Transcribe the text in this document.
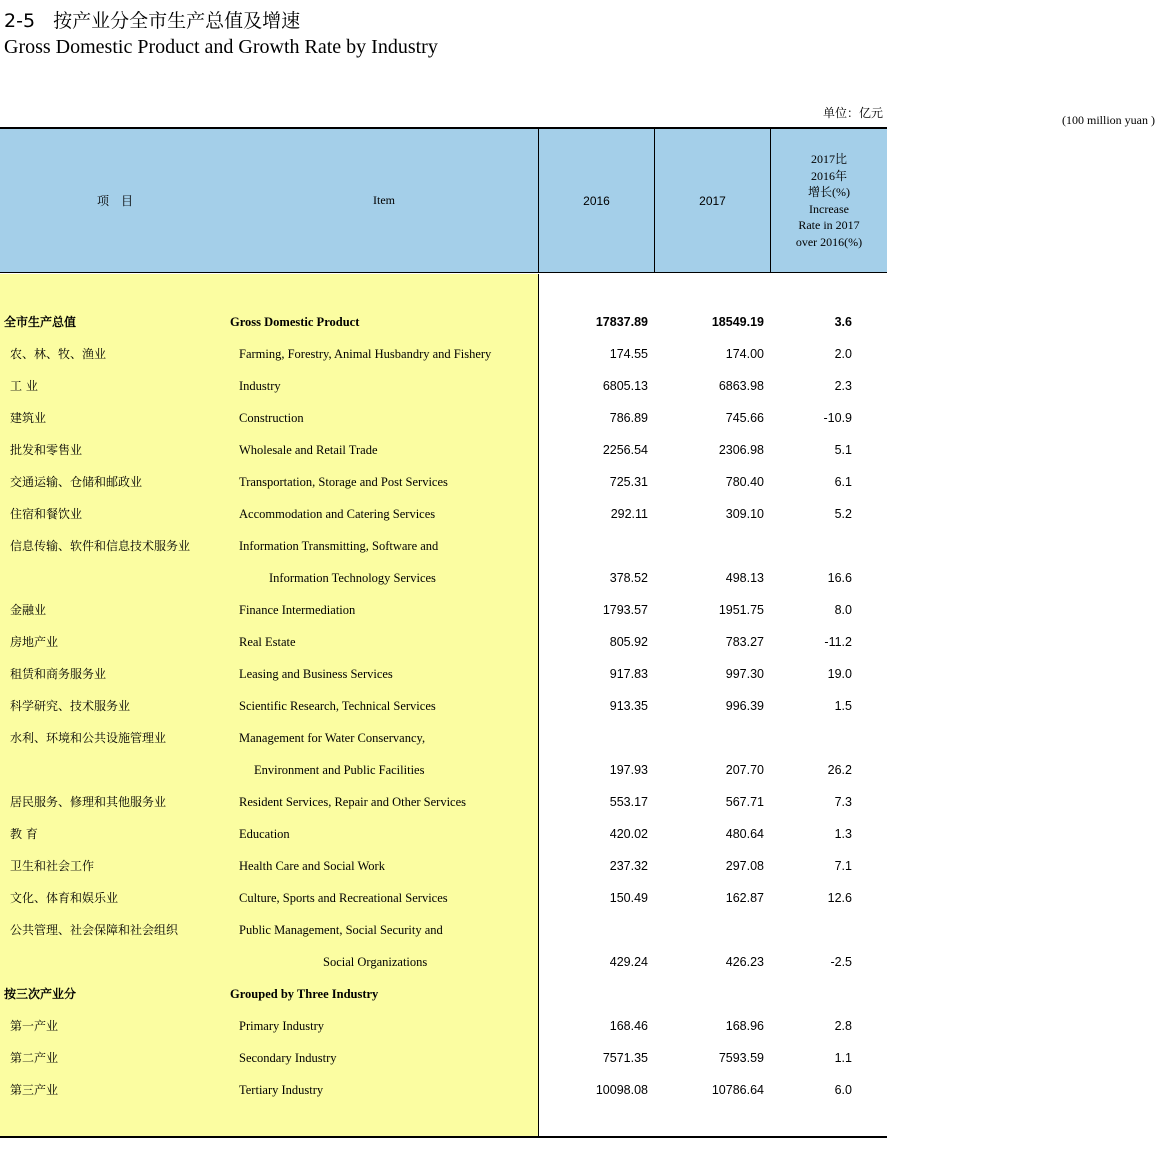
2-5 按产业分全市生产总值及增速
Gross Domestic Product and Growth Rate by Industry
单位：亿元	(100 million yuan )
项　目	Item	2016	2017
2017比
2016年
增长(%)
Increase
Rate in 2017
over 2016(%)
全市生产总值	Gross Domestic Product	17837.89	18549.19	3.6
农、林、牧、渔业	Farming, Forestry, Animal Husbandry and Fishery	174.55	174.00	2.0
工 业	Industry	6805.13	6863.98	2.3
建筑业	Construction	786.89	745.66	-10.9
批发和零售业	Wholesale and Retail Trade	2256.54	2306.98	5.1
交通运输、仓储和邮政业	Transportation, Storage and Post Services	725.31	780.40	6.1
住宿和餐饮业	Accommodation and Catering Services	292.11	309.10	5.2
信息传输、软件和信息技术服务业	Information Transmitting, Software and
Information Technology Services	378.52	498.13	16.6
金融业	Finance Intermediation	1793.57	1951.75	8.0
房地产业	Real Estate	805.92	783.27	-11.2
租赁和商务服务业	Leasing and Business Services	917.83	997.30	19.0
科学研究、技术服务业	Scientific Research, Technical Services	913.35	996.39	1.5
水利、环境和公共设施管理业	Management for Water Conservancy,
Environment and Public Facilities	197.93	207.70	26.2
居民服务、修理和其他服务业	Resident Services, Repair and Other Services	553.17	567.71	7.3
教 育	Education	420.02	480.64	1.3
卫生和社会工作	Health Care and Social Work	237.32	297.08	7.1
文化、体育和娱乐业	Culture, Sports and Recreational Services	150.49	162.87	12.6
公共管理、社会保障和社会组织	Public Management, Social Security and
Social Organizations	429.24	426.23	-2.5
按三次产业分	Grouped by Three Industry
第一产业	Primary Industry	168.46	168.96	2.8
第二产业	Secondary Industry	7571.35	7593.59	1.1
第三产业	Tertiary Industry	10098.08	10786.64	6.0
